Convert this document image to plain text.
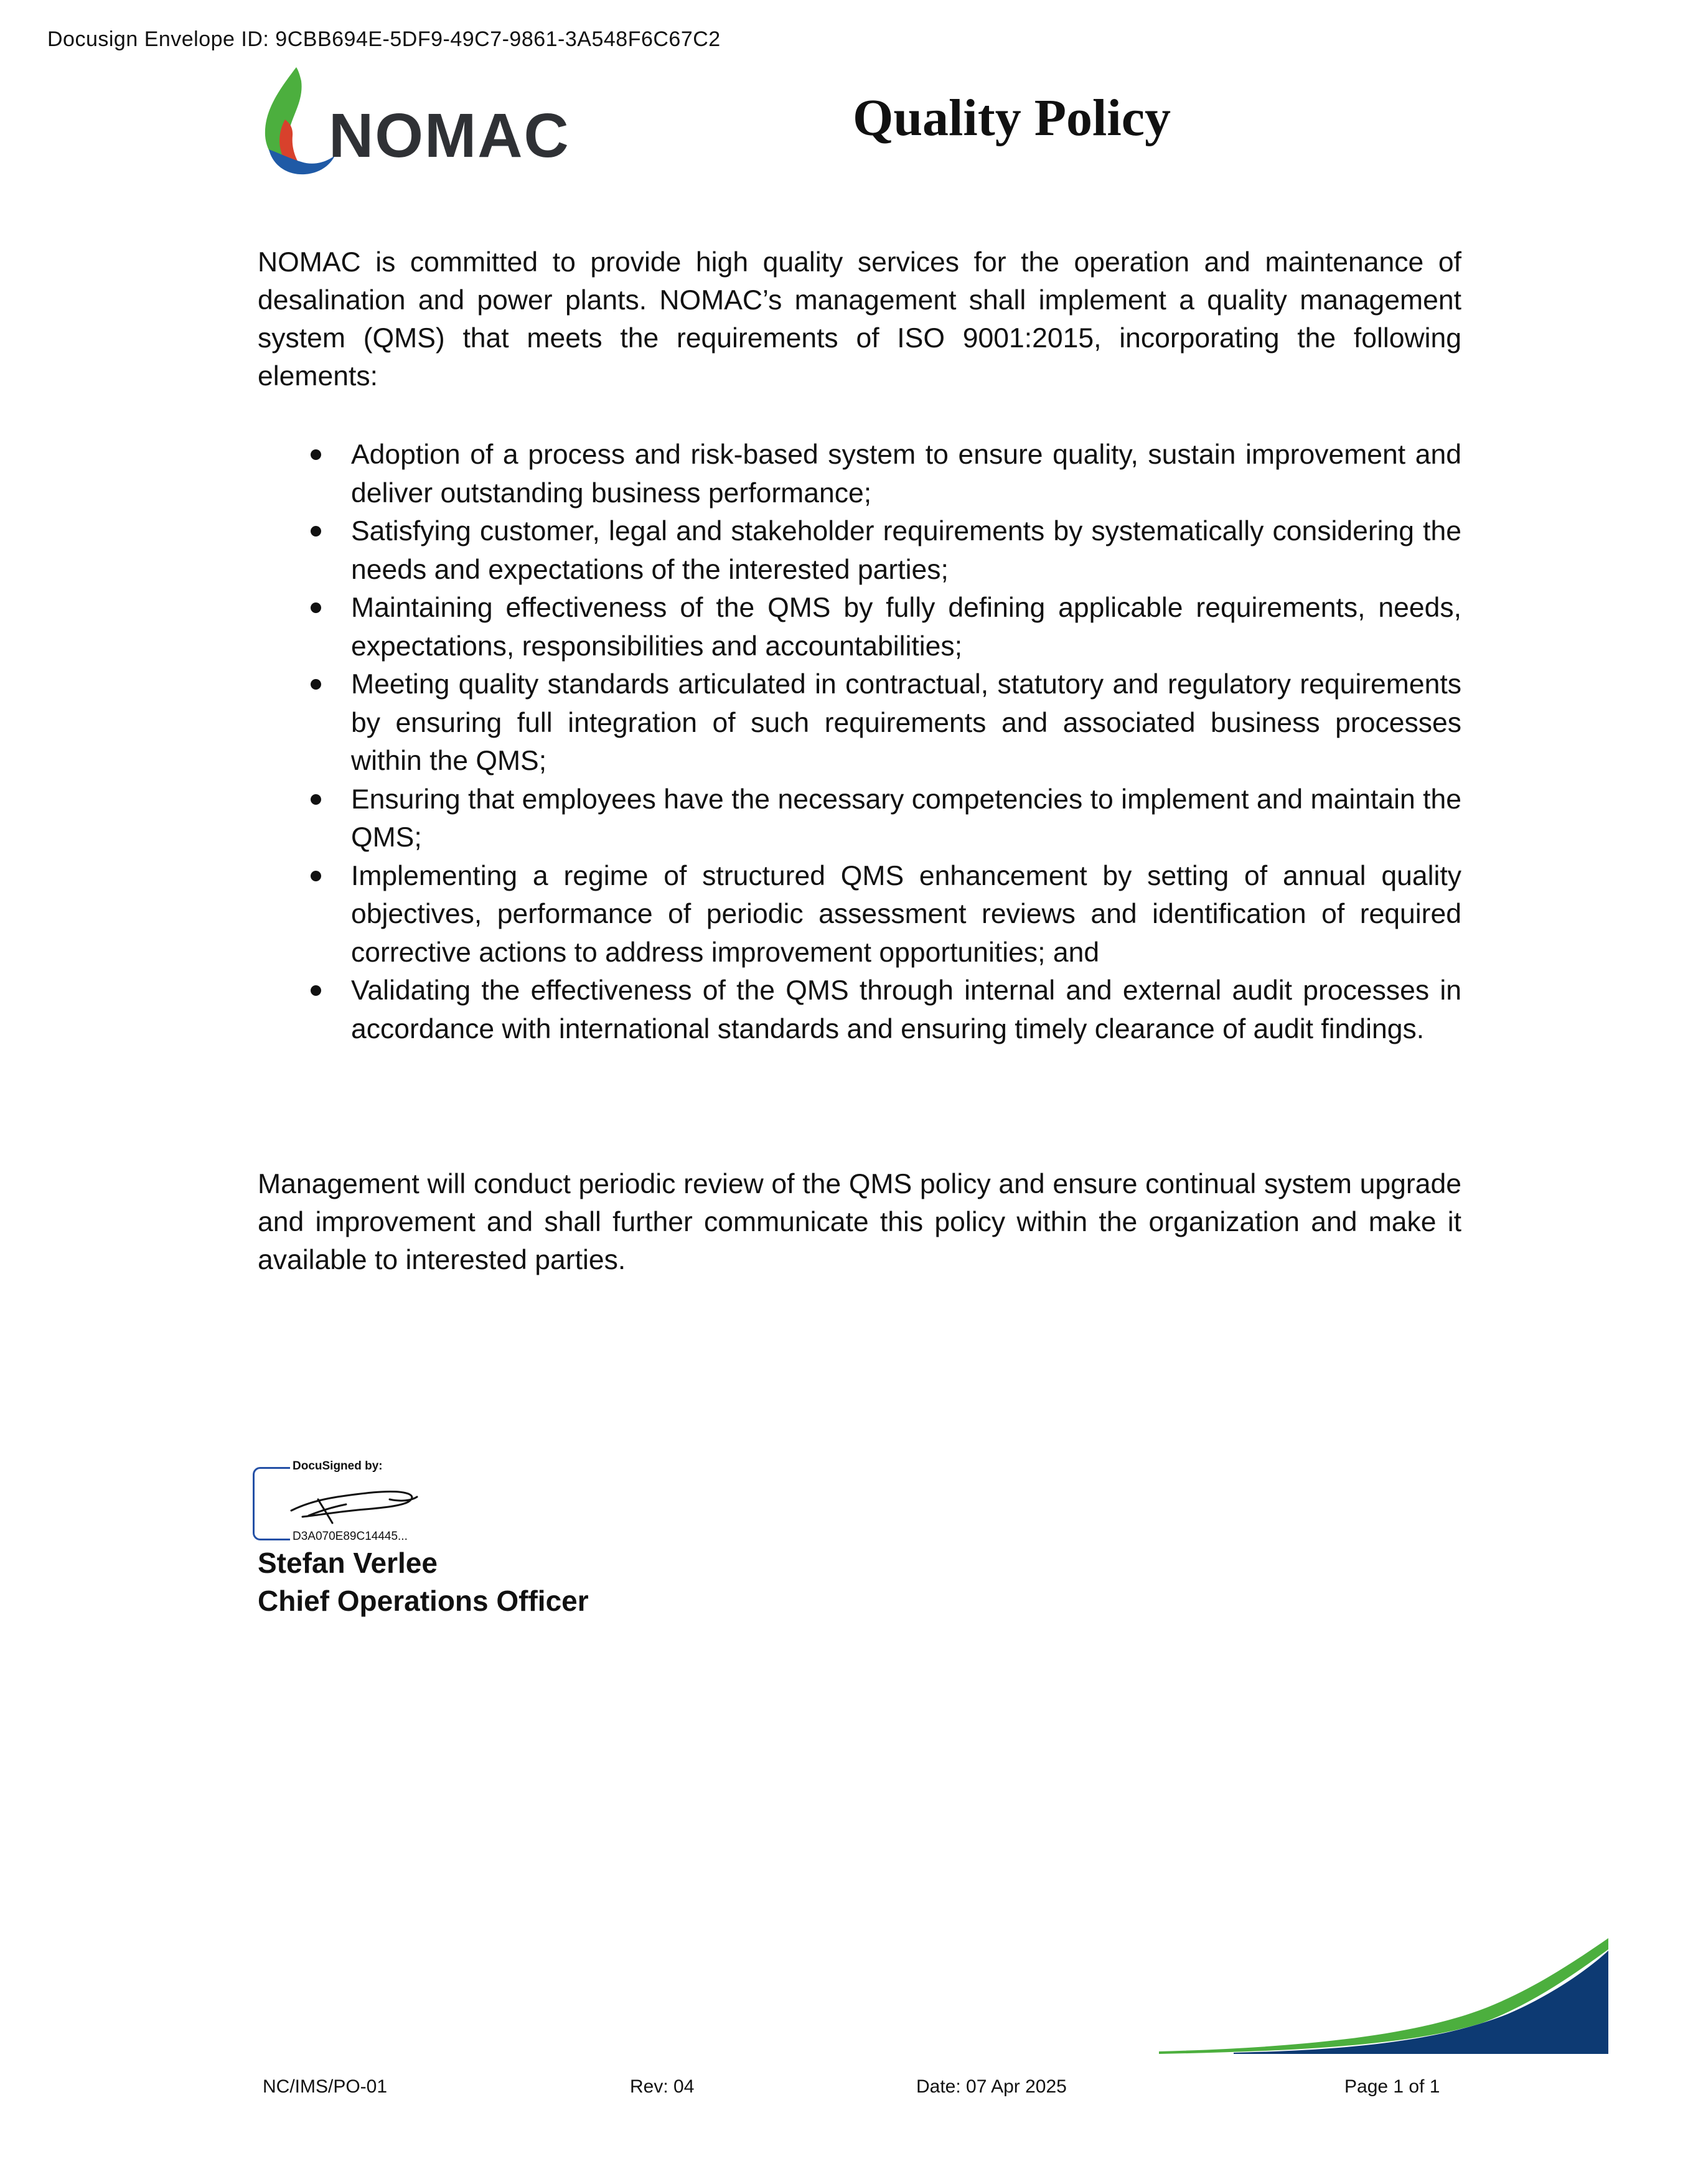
Docusign Envelope ID: 9CBB694E-5DF9-49C7-9861-3A548F6C67C2
NOMAC	Quality Policy

NOMAC is committed to provide high quality services for the operation and maintenance of desalination and power plants. NOMAC’s management shall implement a quality management system (QMS) that meets the requirements of ISO 9001:2015, incorporating the following elements:

Adoption of a process and risk-based system to ensure quality, sustain improvement and deliver outstanding business performance;
Satisfying customer, legal and stakeholder requirements by systematically considering the needs and expectations of the interested parties;
Maintaining effectiveness of the QMS by fully defining applicable requirements, needs, expectations, responsibilities and accountabilities;
Meeting quality standards articulated in contractual, statutory and regulatory requirements by ensuring full integration of such requirements and associated business processes within the QMS;
Ensuring that employees have the necessary competencies to implement and maintain the QMS;
Implementing a regime of structured QMS enhancement by setting of annual quality objectives, performance of periodic assessment reviews and identification of required corrective actions to address improvement opportunities; and
Validating the effectiveness of the QMS through internal and external audit processes in accordance with international standards and ensuring timely clearance of audit findings.

Management will conduct periodic review of the QMS policy and ensure continual system upgrade and improvement and shall further communicate this policy within the organization and make it available to interested parties.

DocuSigned by:
D3A070E89C14445...
Stefan Verlee
Chief Operations Officer
NC/IMS/PO-01	Rev: 04	Date: 07 Apr 2025	Page 1 of 1
